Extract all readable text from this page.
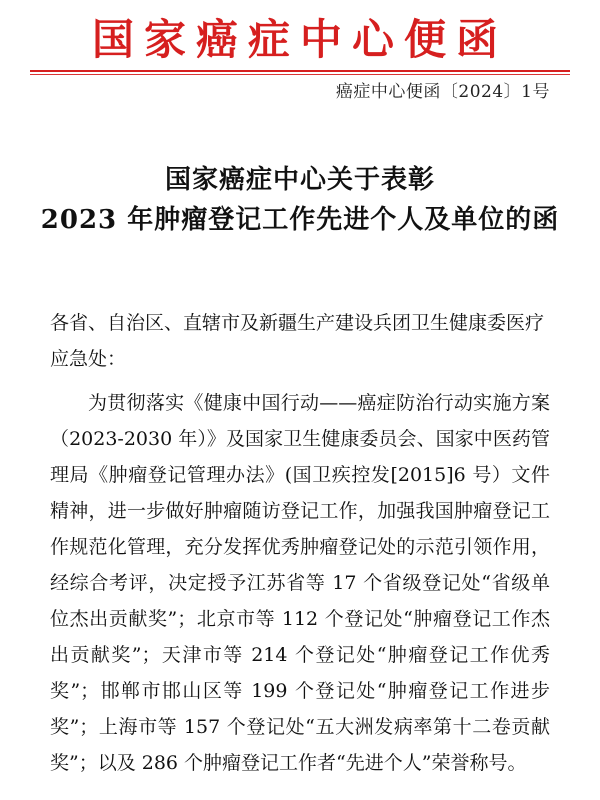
国家癌症中心便函
癌症中心便函〔2024〕1号
国家癌症中心关于表彰
2023 年肿瘤登记工作先进个人及单位的函

各省、自治区、直辖市及新疆生产建设兵团卫生健康委医疗应急处：

为贯彻落实《健康中国行动——癌症防治行动实施方案（2023-2030 年）》及国家卫生健康委员会、国家中医药管理局《肿瘤登记管理办法》(国卫疾控发[2015]6 号）文件精神，进一步做好肿瘤随访登记工作，加强我国肿瘤登记工作规范化管理，充分发挥优秀肿瘤登记处的示范引领作用，经综合考评，决定授予江苏省等 17 个省级登记处“省级单位杰出贡献奖”；北京市等 112 个登记处“肿瘤登记工作杰出贡献奖”；天津市等 214 个登记处“肿瘤登记工作优秀奖”；邯郸市邯山区等 199 个登记处“肿瘤登记工作进步奖”；上海市等 157 个登记处“五大洲发病率第十二卷贡献奖”；以及 286 个肿瘤登记工作者“先进个人”荣誉称号。
